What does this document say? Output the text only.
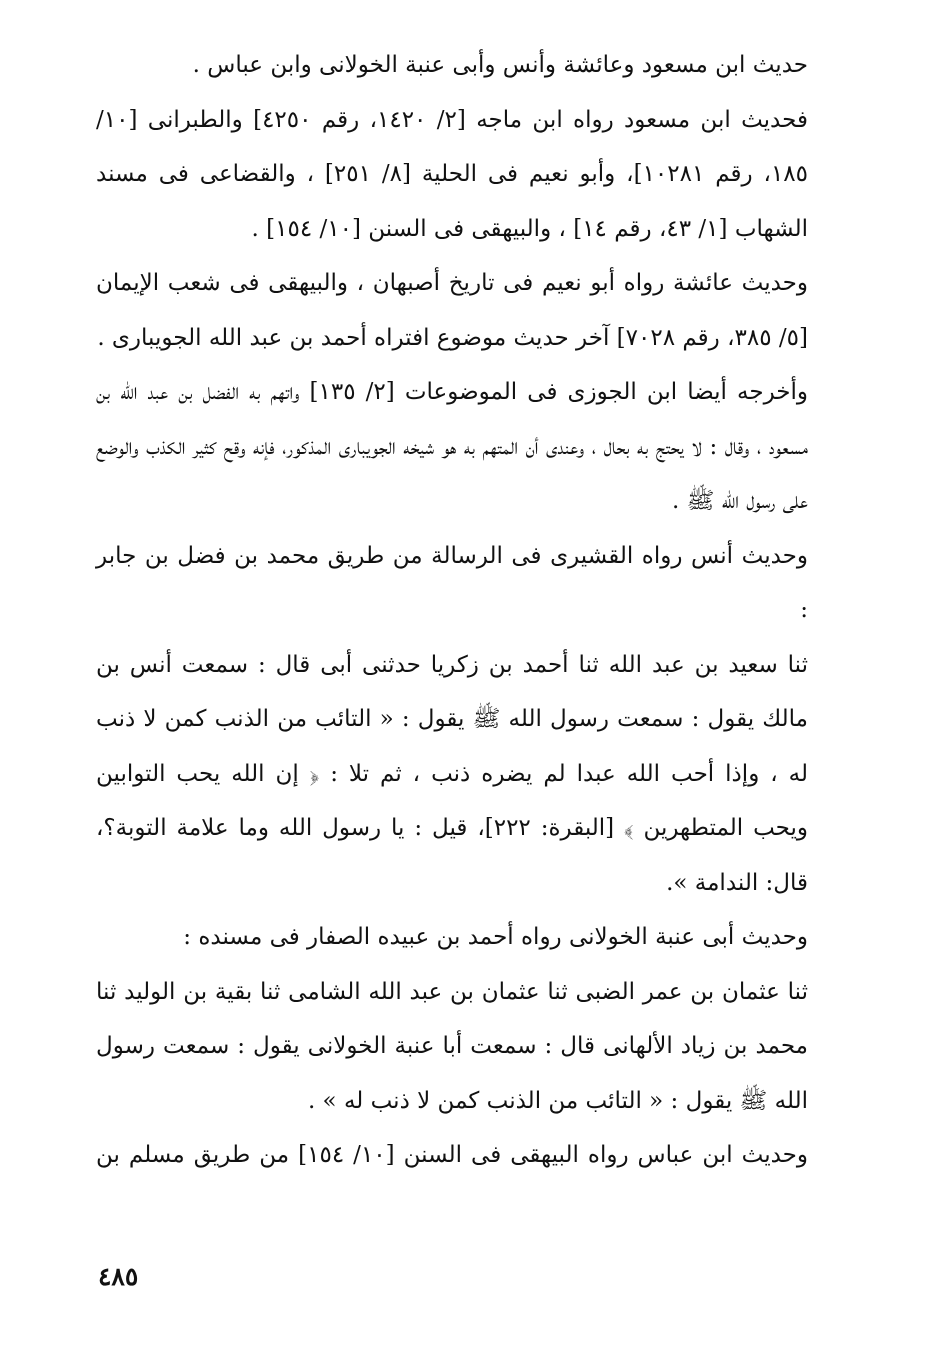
حديث ابن مسعود وعائشة وأنس وأبى عنبة الخولانى وابن عباس .

فحديث ابن مسعود رواه ابن ماجه [٢/ ١٤٢٠، رقم ٤٢٥٠] والطبرانى [١٠/ ١٨٥، رقم ١٠٢٨١]، وأبو نعيم فى الحلية [٨/ ٢٥١] ، والقضاعى فى مسند الشهاب [١/ ٤٣، رقم ١٤] ، والبيهقى فى السنن [١٠/ ١٥٤] .

وحديث عائشة رواه أبو نعيم فى تاريخ أصبهان ، والبيهقى فى شعب الإيمان [٥/ ٣٨٥، رقم ٧٠٢٨] آخر حديث موضوع افتراه أحمد بن عبد الله الجويبارى .

وأخرجه أيضا ابن الجوزى فى الموضوعات [٢/ ١٣٥] واتهم به الفضل بن عبد الله بن مسعود ، وقال : لا يحتج به بحال ، وعندى أن المتهم به هو شيخه الجويبارى المذكور، فإنه وقح كثير الكذب والوضع على رسول الله ﷺ .

وحديث أنس رواه القشيرى فى الرسالة من طريق محمد بن فضل بن جابر :

ثنا سعيد بن عبد الله ثنا أحمد بن زكريا حدثنى أبى قال : سمعت أنس بن مالك يقول : سمعت رسول الله ﷺ يقول : « التائب من الذنب كمن لا ذنب له ، وإذا أحب الله عبدا لم يضره ذنب ، ثم تلا : ﴿ إن الله يحب التوابين ويحب المتطهرين ﴾ [البقرة: ٢٢٢]، قيل : يا رسول الله وما علامة التوبة؟، قال: الندامة ».

وحديث أبى عنبة الخولانى رواه أحمد بن عبيده الصفار فى مسنده :

ثنا عثمان بن عمر الضبى ثنا عثمان بن عبد الله الشامى ثنا بقية بن الوليد ثنا محمد بن زياد الألهانى قال : سمعت أبا عنبة الخولانى يقول : سمعت رسول الله ﷺ يقول : « التائب من الذنب كمن لا ذنب له » .

وحديث ابن عباس رواه البيهقى فى السنن [١٠/ ١٥٤] من طريق مسلم بن

٤٨٥
